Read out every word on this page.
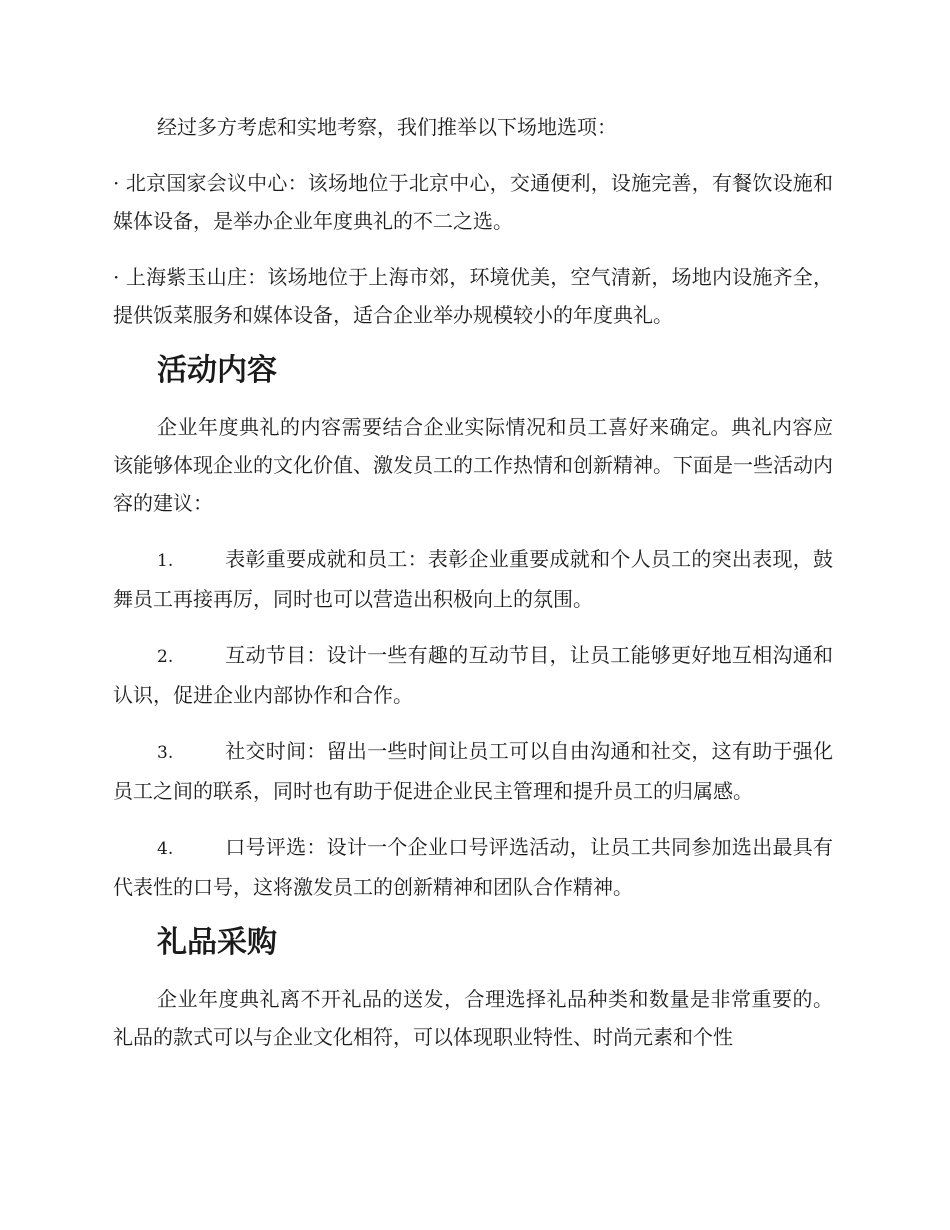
经过多方考虑和实地考察，我们推举以下场地选项：

· 北京国家会议中心：该场地位于北京中心，交通便利，设施完善，有餐饮设施和媒体设备，是举办企业年度典礼的不二之选。

· 上海紫玉山庄：该场地位于上海市郊，环境优美，空气清新，场地内设施齐全，提供饭菜服务和媒体设备，适合企业举办规模较小的年度典礼。

活动内容

企业年度典礼的内容需要结合企业实际情况和员工喜好来确定。典礼内容应该能够体现企业的文化价值、激发员工的工作热情和创新精神。下面是一些活动内容的建议：

1.	表彰重要成就和员工：表彰企业重要成就和个人员工的突出表现，鼓舞员工再接再厉，同时也可以营造出积极向上的氛围。

2.	互动节目：设计一些有趣的互动节目，让员工能够更好地互相沟通和认识，促进企业内部协作和合作。

3.	社交时间：留出一些时间让员工可以自由沟通和社交，这有助于强化员工之间的联系，同时也有助于促进企业民主管理和提升员工的归属感。

4.	口号评选：设计一个企业口号评选活动，让员工共同参加选出最具有代表性的口号，这将激发员工的创新精神和团队合作精神。

礼品采购

企业年度典礼离不开礼品的送发，合理选择礼品种类和数量是非常重要的。礼品的款式可以与企业文化相符，可以体现职业特性、时尚元素和个性
